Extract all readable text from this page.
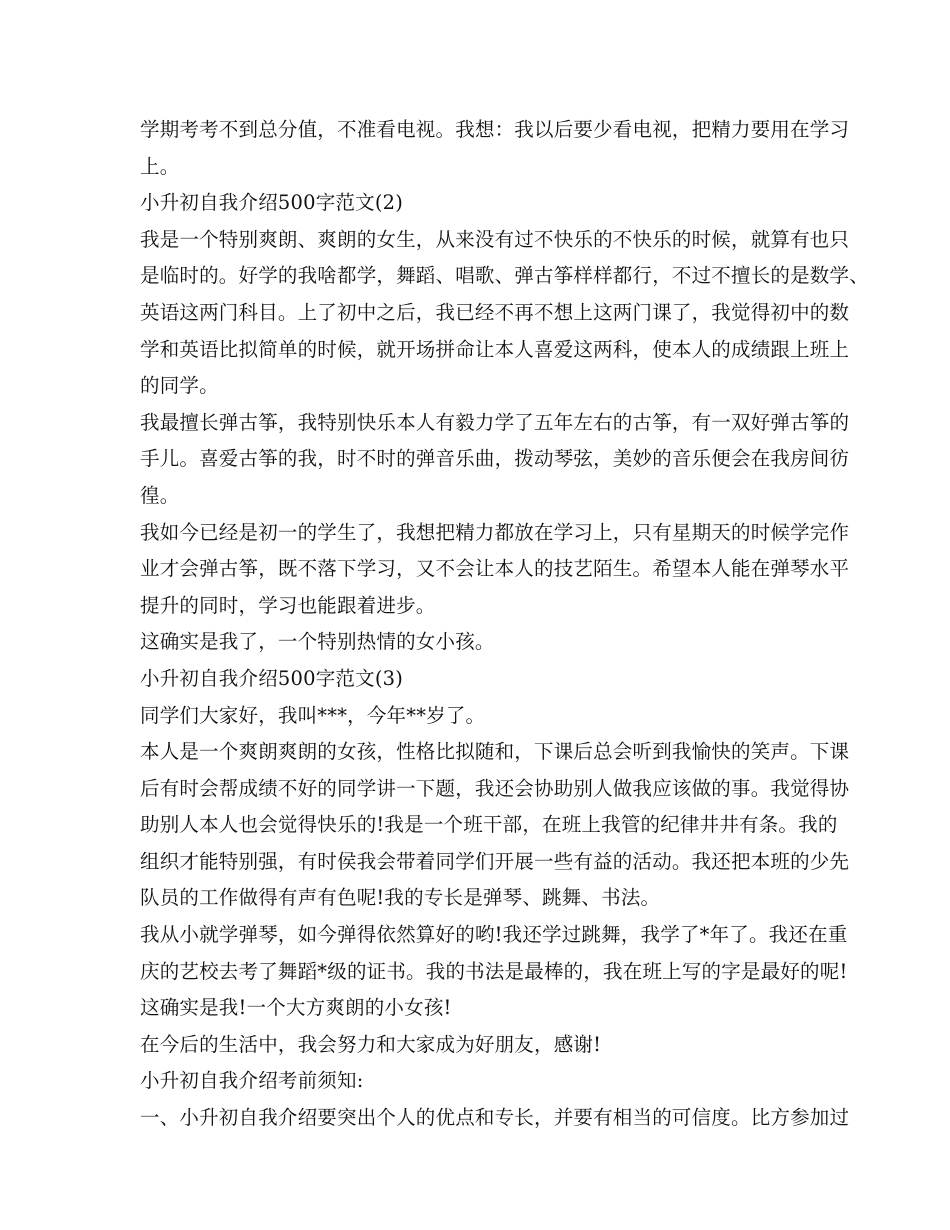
学期考考不到总分值，不准看电视。我想：我以后要少看电视，把精力要用在学习
上。
小升初自我介绍500字范文(2)
我是一个特别爽朗、爽朗的女生，从来没有过不快乐的不快乐的时候，就算有也只
是临时的。好学的我啥都学，舞蹈、唱歌、弹古筝样样都行，不过不擅长的是数学、
英语这两门科目。上了初中之后，我已经不再不想上这两门课了，我觉得初中的数
学和英语比拟简单的时候，就开场拼命让本人喜爱这两科，使本人的成绩跟上班上
的同学。
我最擅长弹古筝，我特别快乐本人有毅力学了五年左右的古筝，有一双好弹古筝的
手儿。喜爱古筝的我，时不时的弹音乐曲，拨动琴弦，美妙的音乐便会在我房间彷
徨。
我如今已经是初一的学生了，我想把精力都放在学习上，只有星期天的时候学完作
业才会弹古筝，既不落下学习，又不会让本人的技艺陌生。希望本人能在弹琴水平
提升的同时，学习也能跟着进步。
这确实是我了，一个特别热情的女小孩。
小升初自我介绍500字范文(3)
同学们大家好，我叫***，今年**岁了。
本人是一个爽朗爽朗的女孩，性格比拟随和，下课后总会听到我愉快的笑声。下课
后有时会帮成绩不好的同学讲一下题，我还会协助别人做我应该做的事。我觉得协
助别人本人也会觉得快乐的!我是一个班干部，在班上我管的纪律井井有条。我的
组织才能特别强，有时侯我会带着同学们开展一些有益的活动。我还把本班的少先
队员的工作做得有声有色呢!我的专长是弹琴、跳舞、书法。
我从小就学弹琴，如今弹得依然算好的哟!我还学过跳舞，我学了*年了。我还在重
庆的艺校去考了舞蹈*级的证书。我的书法是最棒的，我在班上写的字是最好的呢!
这确实是我!一个大方爽朗的小女孩!
在今后的生活中，我会努力和大家成为好朋友，感谢!
小升初自我介绍考前须知:
一、小升初自我介绍要突出个人的优点和专长，并要有相当的可信度。比方参加过
